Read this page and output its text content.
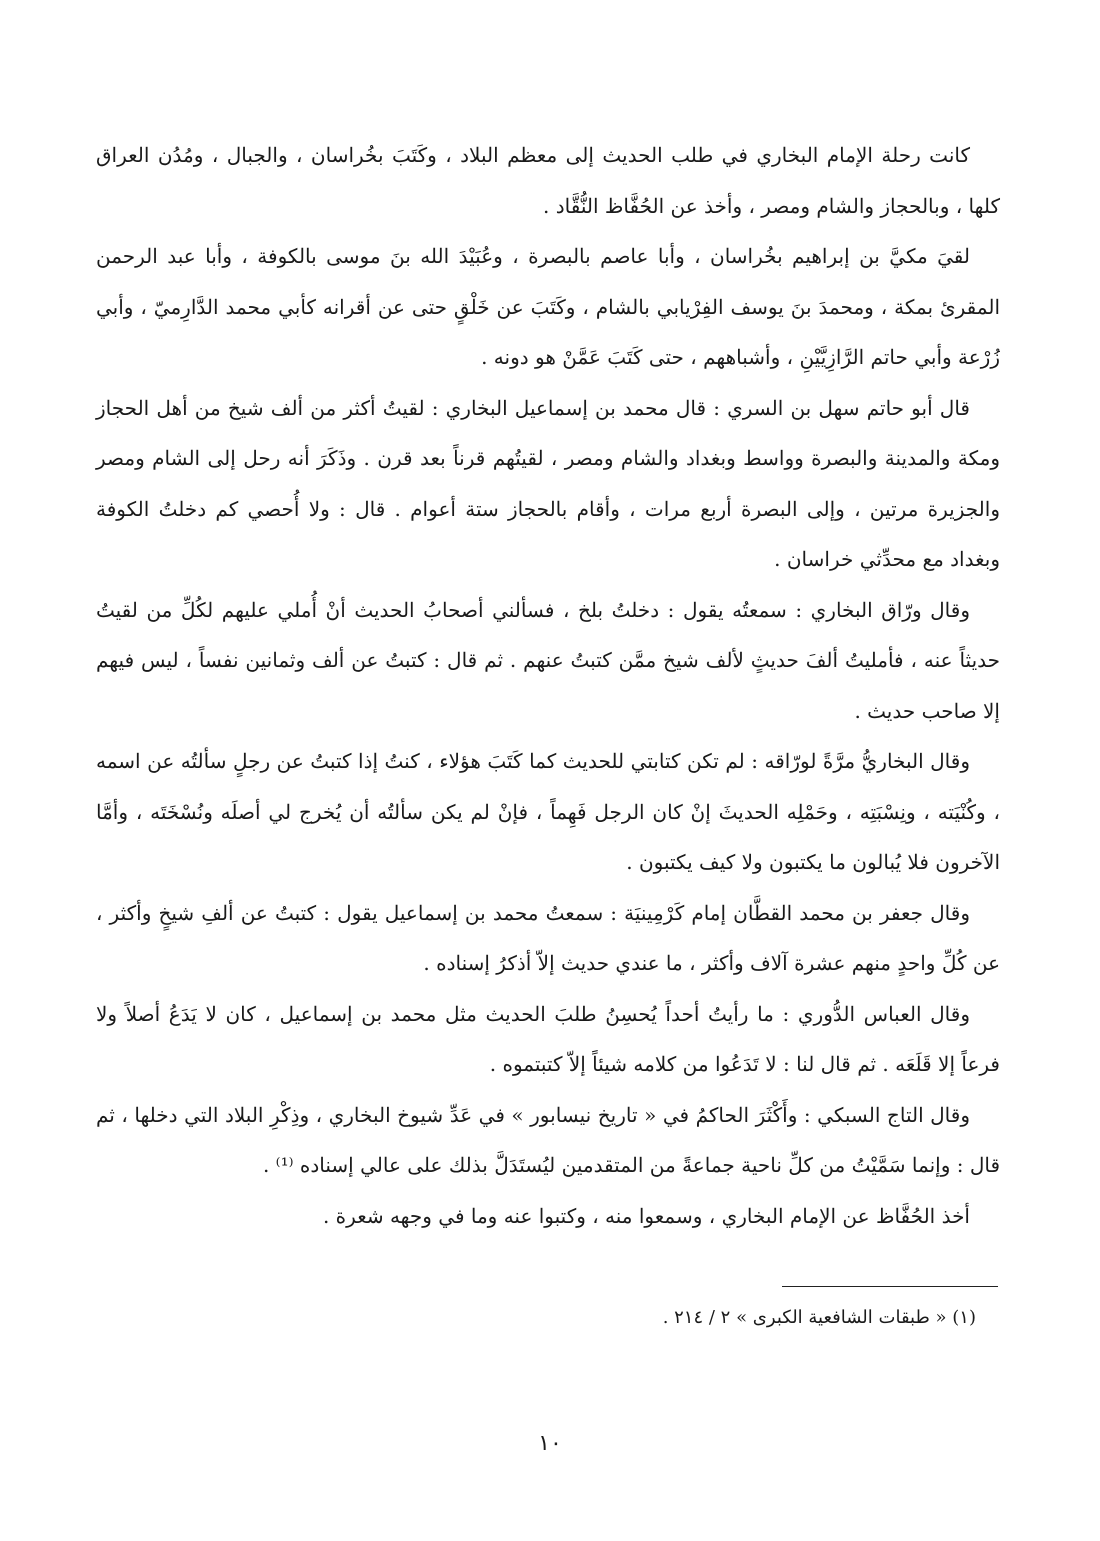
كانت رحلة الإمام البخاري في طلب الحديث إلى معظم البلاد ، وكَتَبَ بخُراسان ، والجبال ، ومُدُن العراق كلها ، وبالحجاز والشام ومصر ، وأخذ عن الحُفَّاظ النُّقَّاد .

لقيَ مكيَّ بن إبراهيم بخُراسان ، وأبا عاصم بالبصرة ، وعُبَيْدَ الله بنَ موسى بالكوفة ، وأبا عبد الرحمن المقرئ بمكة ، ومحمدَ بنَ يوسف الفِرْيابي بالشام ، وكَتَبَ عن خَلْقٍ حتى عن أقرانه كأبي محمد الدَّارِميّ ، وأبي زُرْعة وأبي حاتم الرَّازِيَّيْنِ ، وأشباههم ، حتى كَتَبَ عَمَّنْ هو دونه .

قال أبو حاتم سهل بن السري : قال محمد بن إسماعيل البخاري : لقيتُ أكثر من ألف شيخ من أهل الحجاز ومكة والمدينة والبصرة وواسط وبغداد والشام ومصر ، لقيتُهم قرناً بعد قرن . وذَكَرَ أنه رحل إلى الشام ومصر والجزيرة مرتين ، وإلى البصرة أربع مرات ، وأقام بالحجاز ستة أعوام . قال : ولا أُحصي كم دخلتُ الكوفة وبغداد مع محدِّثي خراسان .

وقال ورّاق البخاري : سمعتُه يقول : دخلتُ بلخ ، فسألني أصحابُ الحديث أنْ أُملي عليهم لكُلِّ من لقيتُ حديثاً عنه ، فأمليتُ ألفَ حديثٍ لألف شيخ ممَّن كتبتُ عنهم . ثم قال : كتبتُ عن ألف وثمانين نفساً ، ليس فيهم إلا صاحب حديث .

وقال البخاريُّ مرَّةً لورّاقه : لم تكن كتابتي للحديث كما كَتَبَ هؤلاء ، كنتُ إذا كتبتُ عن رجلٍ سألتُه عن اسمه ، وكُنْيَته ، ونِسْبَتِه ، وحَمْلِه الحديثَ إنْ كان الرجل فَهِماً ، فإنْ لم يكن سألتُه أن يُخرج لي أصلَه ونُسْخَتَه ، وأمَّا الآخرون فلا يُبالون ما يكتبون ولا كيف يكتبون .

وقال جعفر بن محمد القطَّان إمام كَرْمِينيَة : سمعتُ محمد بن إسماعيل يقول : كتبتُ عن ألفِ شيخٍ وأكثر ، عن كُلِّ واحدٍ منهم عشرة آلاف وأكثر ، ما عندي حديث إلاّ أذكرُ إسناده .

وقال العباس الدُّوري : ما رأيتُ أحداً يُحسِنُ طلبَ الحديث مثل محمد بن إسماعيل ، كان لا يَدَعُ أصلاً ولا فرعاً إلا قَلَعَه . ثم قال لنا : لا تَدَعُوا من كلامه شيئاً إلاّ كتبتموه .

وقال التاج السبكي : وأَكْثَرَ الحاكمُ في « تاريخ نيسابور » في عَدِّ شيوخ البخاري ، وذِكْرِ البلاد التي دخلها ، ثم قال : وإنما سَمَّيْتُ من كلِّ ناحية جماعةً من المتقدمين ليُستَدَلَّ بذلك على عالي إسناده ⁽¹⁾ .

أخذ الحُفَّاظ عن الإمام البخاري ، وسمعوا منه ، وكتبوا عنه وما في وجهه شعرة .

(١) « طبقات الشافعية الكبرى » ٢ / ٢١٤ .
١٠
